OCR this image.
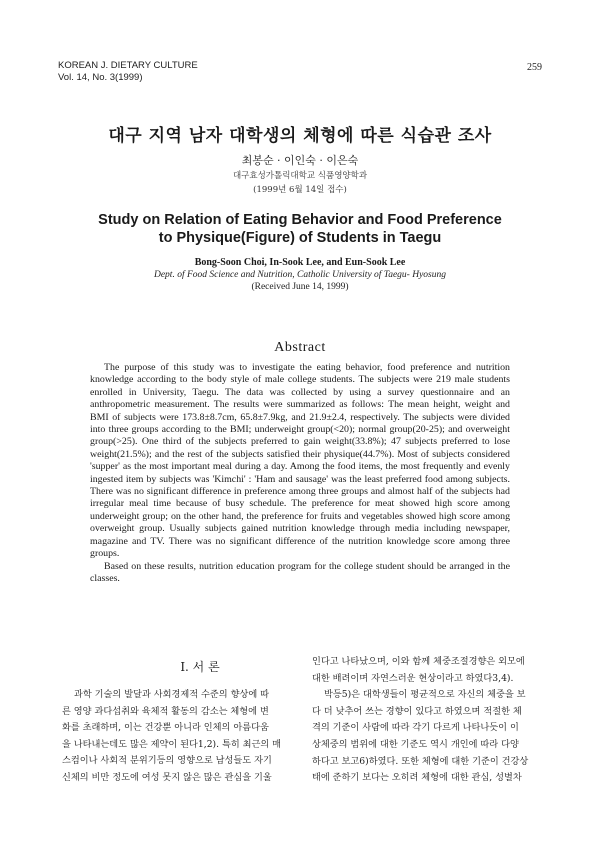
KOREAN J. DIETARY CULTURE
Vol. 14, No. 3(1999)
259
대구 지역 남자 대학생의 체형에 따른 식습관 조사
최봉순 · 이인숙 · 이은숙
대구효성가톨릭대학교 식품영양학과
(1999년 6월 14일 접수)
Study on Relation of Eating Behavior and Food Preference
to Physique(Figure) of Students in Taegu
Bong-Soon Choi, In-Sook Lee, and Eun-Sook Lee
Dept. of Food Science and Nutrition, Catholic University of Taegu- Hyosung
(Received June 14, 1999)
Abstract

The purpose of this study was to investigate the eating behavior, food preference and nutrition knowledge according to the body style of male college students. The subjects were 219 male students enrolled in University, Taegu. The data was collected by using a survey questionnaire and an anthropometric measurement. The results were summarized as follows: The mean height, weight and BMI of subjects were 173.8±8.7cm, 65.8±7.9kg, and 21.9±2.4, respectively. The subjects were divided into three groups according to the BMI; underweight group(<20); normal group(20-25); and overweight group(>25). One third of the subjects preferred to gain weight(33.8%); 47 subjects preferred to lose weight(21.5%); and the rest of the subjects satisfied their physique(44.7%). Most of subjects considered 'supper' as the most important meal during a day. Among the food items, the most frequently and evenly ingested item by subjects was 'Kimchi' : 'Ham and sausage' was the least preferred food among subjects. There was no significant difference in preference among three groups and almost half of the subjects had irregular meal time because of busy schedule. The preference for meat showed high score among underweight group; on the other hand, the preference for fruits and vegetables showed high score among overweight group. Usually subjects gained nutrition knowledge through media including newspaper, magazine and TV. There was no significant difference of the nutrition knowledge score among three groups.

Based on these results, nutrition education program for the college student should be arranged in the classes.

I. 서 론
과학 기술의 발달과 사회경제적 수준의 향상에 따
른 영양 과다섭취와 육체적 활동의 감소는 체형에 변
화를 초래하며, 이는 건강뿐 아니라 인체의 아름다움
을 나타내는데도 많은 제약이 된다1,2). 특히 최근의 매
스컴이나 사회적 분위기등의 영향으로 남성들도 자기
신체의 비만 정도에 여성 못지 않은 많은 관심을 기울
인다고 나타났으며, 이와 함께 체중조절경향은 외모에
대한 배려이며 자연스러운 현상이라고 하였다3,4).
박등5)은 대학생들이 평균적으로 자신의 체중을 보
다 더 낮추어 쓰는 경향이 있다고 하였으며 적절한 체
격의 기준이 사람에 따라 각기 다르게 나타나듯이 이
상체중의 범위에 대한 기준도 역시 개인에 따라 다양
하다고 보고6)하였다. 또한 체형에 대한 기준이 건강상
태에 준하기 보다는 오히려 체형에 대한 관심, 성별차
